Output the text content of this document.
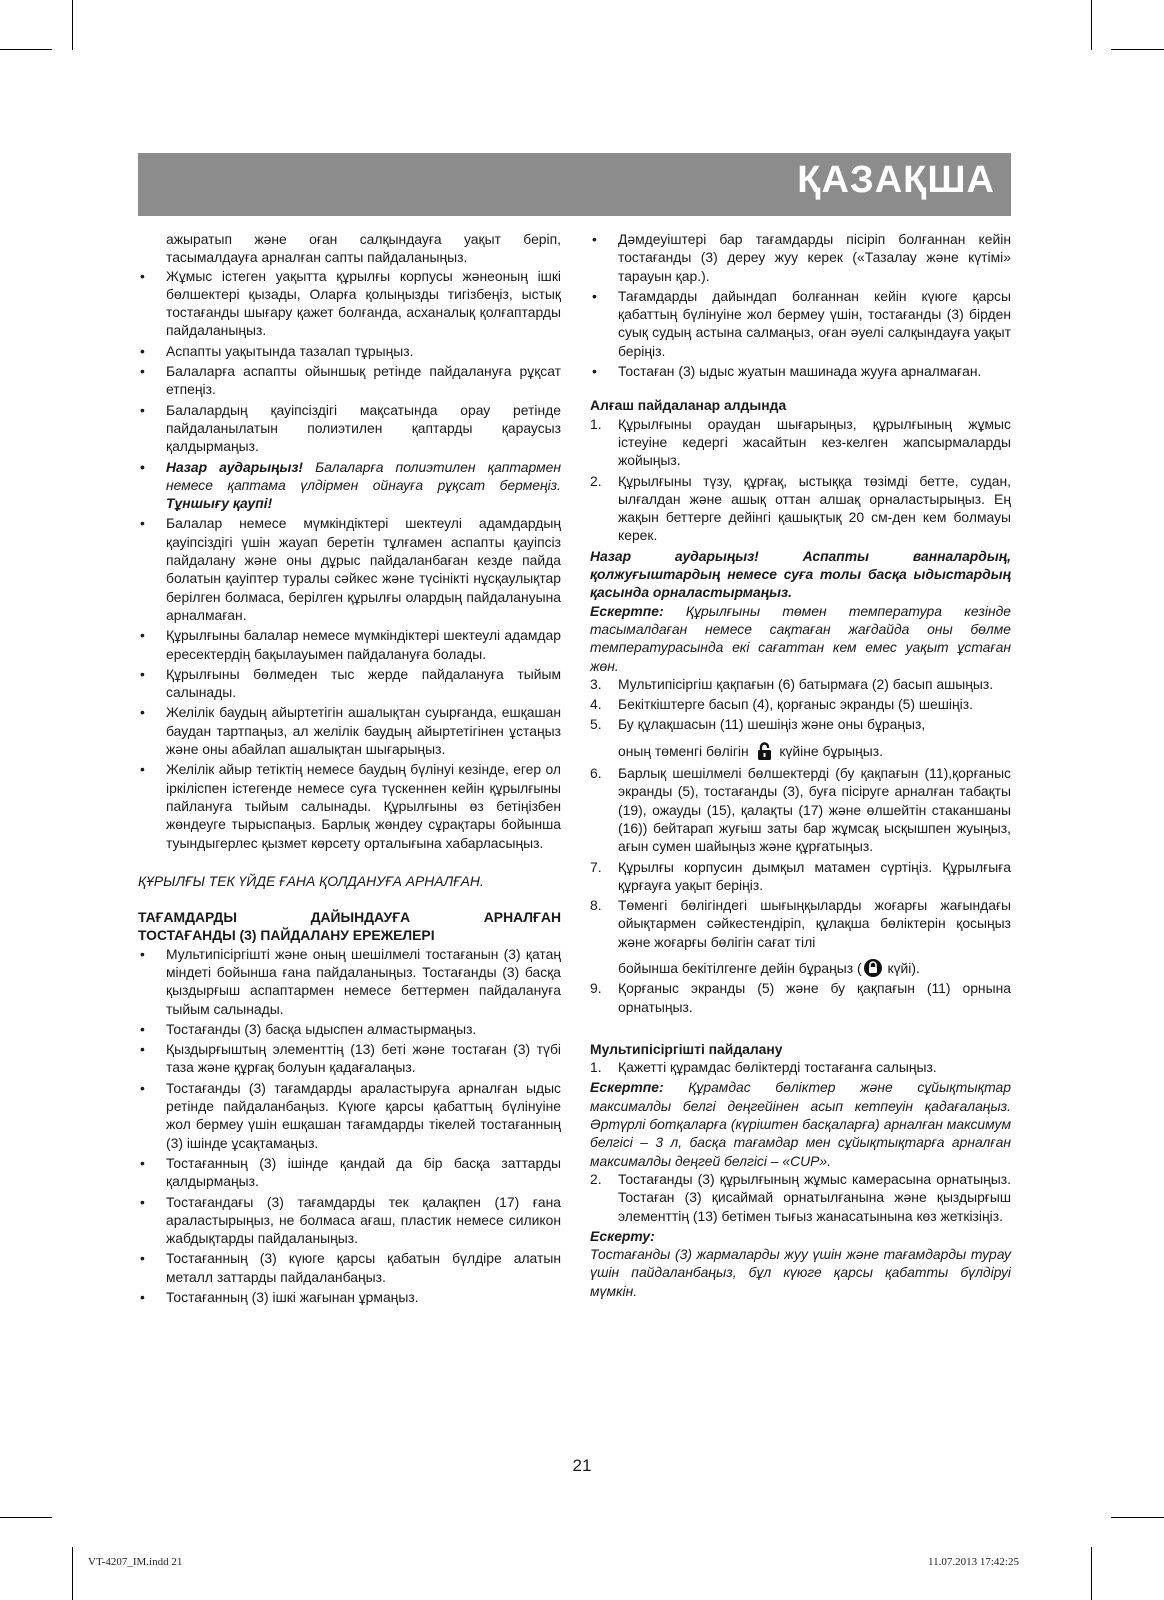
ҚАЗАҚША

ажыратып және оған салқындауға уақыт беріп, тасымалдауға арналған сапты пайдаланыңыз.

•	Жұмыс істеген уақытта құрылғы корпусы жәнеоның ішкі бөлшектері қызады, Оларға қолыңызды тигізбеңіз, ыстық тостағанды шығару қажет болғанда, асханалық қолғаптарды пайдаланыңыз.
•	Аспапты уақытында тазалап тұрыңыз.
•	Балаларға аспапты ойыншық ретінде пайдалануға рұқсат етпеңіз.
•	Балалардың қауіпсіздігі мақсатында орау ретінде пайдаланылатын полиэтилен қаптарды қараусыз қалдырмаңыз.
•	Назар аударыңыз! Балаларға полиэтилен қаптармен немесе қаптама үлдірмен ойнауға рұқсат бермеңіз. Тұншығу қаупі!
•	Балалар немесе мүмкіндіктері шектеулі адамдардың қауіпсіздігі үшін жауап беретін тұлғамен аспапты қауіпсіз пайдалану және оны дұрыс пайдаланбаған кезде пайда болатын қауіптер туралы сәйкес және түсінікті нұсқаулықтар берілген болмаса, берілген құрылғы олардың пайдалануына арналмаған.
•	Құрылғыны балалар немесе мүмкіндіктері шектеулі адамдар ересектердің бақылауымен пайдалануға болады.
•	Құрылғыны бөлмеден тыс жерде пайдалануға тыйым салынады.
•	Желілік баудың айыртетігін ашалықтан суырғанда, ешқашан баудан тартпаңыз, ал желілік баудың айыртетігінен ұстаңыз және оны абайлап ашалықтан шығарыңыз.
•	Желілік айыр тетіктің немесе баудың бүлінуі кезінде, егер ол іркіліспен істегенде немесе суға түскеннен кейін құрылғыны пайлануға тыйым салынады. Құрылғыны өз бетіңізбен жөндеуге тырыспаңыз. Барлық жөндеу сұрақтары бойынша туындыгерлес қызмет көрсету орталығына хабарласыңыз.

ҚҰРЫЛҒЫ ТЕК ҮЙДЕ ҒАНА ҚОЛДАНУҒА АРНАЛҒАН.

ТАҒАМДАРДЫ ДАЙЫНДАУҒА АРНАЛҒАН

ТОСТАҒАНДЫ (3) ПАЙДАЛАНУ ЕРЕЖЕЛЕРІ

•	Мультипісіргішті және оның шешілмелі тостағанын (3) қатаң міндеті бойынша ғана пайдаланыңыз. Тостағанды (3) басқа қыздырғыш аспаптармен немесе беттермен пайдалануға тыйым салынады.
•	Тостағанды (3) басқа ыдыспен алмастырмаңыз.
•	Қыздырғыштың элементтің (13) беті және тостаған (3) түбі таза және құрғақ болуын қадағалаңыз.
•	Тостағанды (3) тағамдарды араластыруға арналған ыдыс ретінде пайдаланбаңыз. Күюге қарсы қабаттың бүлінуіне жол бермеу үшін ешқашан тағамдарды тікелей тостағанның (3) ішінде ұсақтамаңыз.
•	Тостағанның (3) ішінде қандай да бір басқа заттарды қалдырмаңыз.
•	Тостағандағы (3) тағамдарды тек қалақпен (17) ғана араластырыңыз, не болмаса ағаш, пластик немесе силикон жабдықтарды пайдаланыңыз.
•	Тостағанның (3) күюге қарсы қабатын бүлдіре алатын металл заттарды пайдаланбаңыз.
•	Тостағанның (3) ішкі жағынан ұрмаңыз.
•	Дәмдеуіштері бар тағамдарды пісіріп болғаннан кейін тостағанды (3) дереу жуу керек («Тазалау және күтімі» тарауын қар.).
•	Тағамдарды дайындап болғаннан кейін күюге қарсы қабаттың бүлінуіне жол бермеу үшін, тостағанды (3) бірден суық судың астына салмаңыз, оған әуелі салқындауға уақыт беріңіз.
•	Тостаған (3) ыдыс жуатын машинада жууға арналмаған.

Алғаш пайдаланар алдында

1.	Құрылғыны ораудан шығарыңыз, құрылғының жұмыс істеуіне кедергі жасайтын кез-келген жапсырмаларды жойыңыз.
2.	Құрылғыны түзу, құрғақ, ыстыққа төзімді бетте, судан, ылғалдан және ашық оттан алшақ орналастырыңыз. Ең жақын беттерге дейінгі қашықтық 20 см-ден кем болмауы керек.

Назар аударыңыз! Аспапты ванналардың, қолжуғыштардың немесе суға толы басқа ыдыстардың қасында орналастырмаңыз.

Ескертпе: Құрылғыны төмен температура кезінде тасымалдаған немесе сақтаған жағдайда оны бөлме температурасында екі сағаттан кем емес уақыт ұстаған жөн.

3.	Мультипісіргіш қақпағын (6) батырмаға (2) басып ашыңыз.
4.	Бекіткіштерге басып (4), қорғаныс экранды (5) шешіңіз.
5.	Бу құлақшасын (11) шешіңіз және оны бұраңыз,
оның төменгі бөлігін күйіне бұрыңыз.
6.	Барлық шешілмелі бөлшектерді (бу қақпағын (11),қорғаныс экранды (5), тостағанды (3), буға пісіруге арналған табақты (19), ожауды (15), қалақты (17) және өлшейтін стаканшаны (16)) бейтарап жуғыш заты бар жұмсақ ысқышпен жуыңыз, ағын сумен шайыңыз және құрғатыңыз.
7.	Құрылғы корпусин дымқыл матамен сүртіңіз. Құрылғыға құрғауға уақыт беріңіз.
8.	Төменгі бөлігіндегі шығыңқыларды жоғарғы жағындағы ойықтармен сәйкестендіріп, құлақша бөліктерін қосыңыз және жоғарғы бөлігін сағат тілі
бойынша бекітілгенге дейін бұраңыз ( күйі).
9.	Қорғаныс экранды (5) және бу қақпағын (11) орнына орнатыңыз.

Мультипісіргішті пайдалану

1.	Қажетті құрамдас бөліктерді тостағанға салыңыз.

Ескертпе: Құрамдас бөліктер және сұйықтықтар максималды белгі деңгейінен асып кетпеуін қадағалаңыз. Әртүрлі ботқаларға (күріштен басқаларға) арналған максимум белгісі – 3 л, басқа тағамдар мен сұйықтықтарға арналған максималды деңгей белгісі – «CUP».

2.	Тостағанды (3) құрылғының жұмыс камерасына орнатыңыз. Тостаған (3) қисаймай орнатылғанына және қыздырғыш элементтің (13) бетімен тығыз жанасатынына көз жеткізіңіз.

Ескерту:

Тостағанды (3) жармаларды жуу үшін және тағамдарды турау үшін пайдаланбаңыз, бұл күюге қарсы қабатты бүлдіруі мүмкін.

21
VT-4207_IM.indd 21	11.07.2013 17:42:25
